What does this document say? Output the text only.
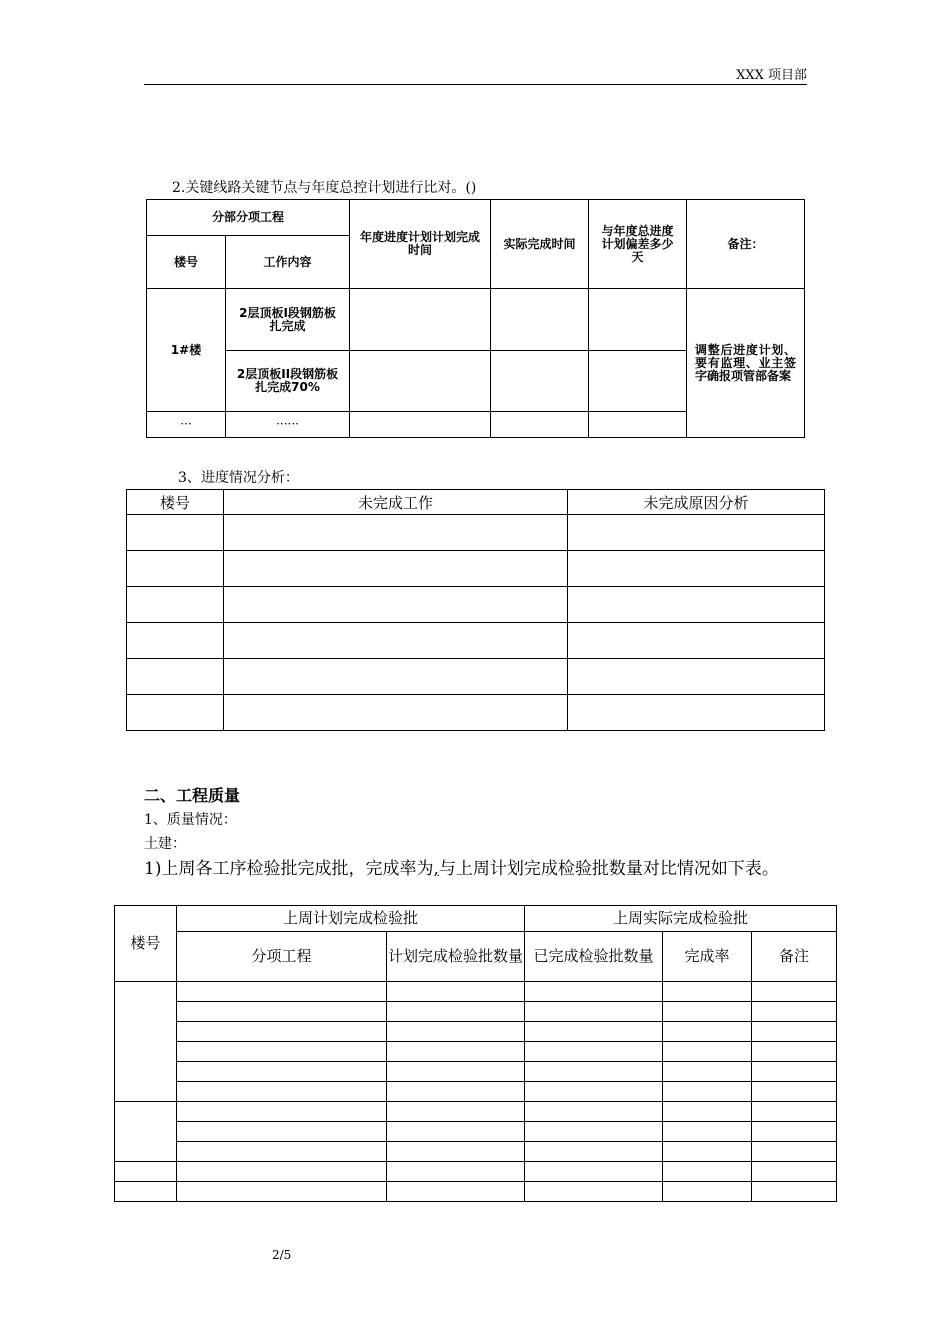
XXX 项目部
2.关键线路关键节点与年度总控计划进行比对。()
分部分项工程		年度进度计划计划完成时间	实际完成时间	与年度总进度计划偏差多少天	备注：
楼号	工作内容				
1#楼	2层顶板Ⅰ段钢筋板扎完成				调整后进度计划、要有监理、业主签字确报项管部备案
	2层顶板II段钢筋板扎完成70%				
···	······				
3、进度情况分析：
楼号	未完成工作	未完成原因分析

二、工程质量
1、质量情况：
土建：
1)上周各工序检验批完成批，完成率为,与上周计划完成检验批数量对比情况如下表。
楼号	上周计划完成检验批		上周实际完成检验批		
	分项工程	计划完成检验批数量	已完成检验批数量	完成率	备注

2/5
